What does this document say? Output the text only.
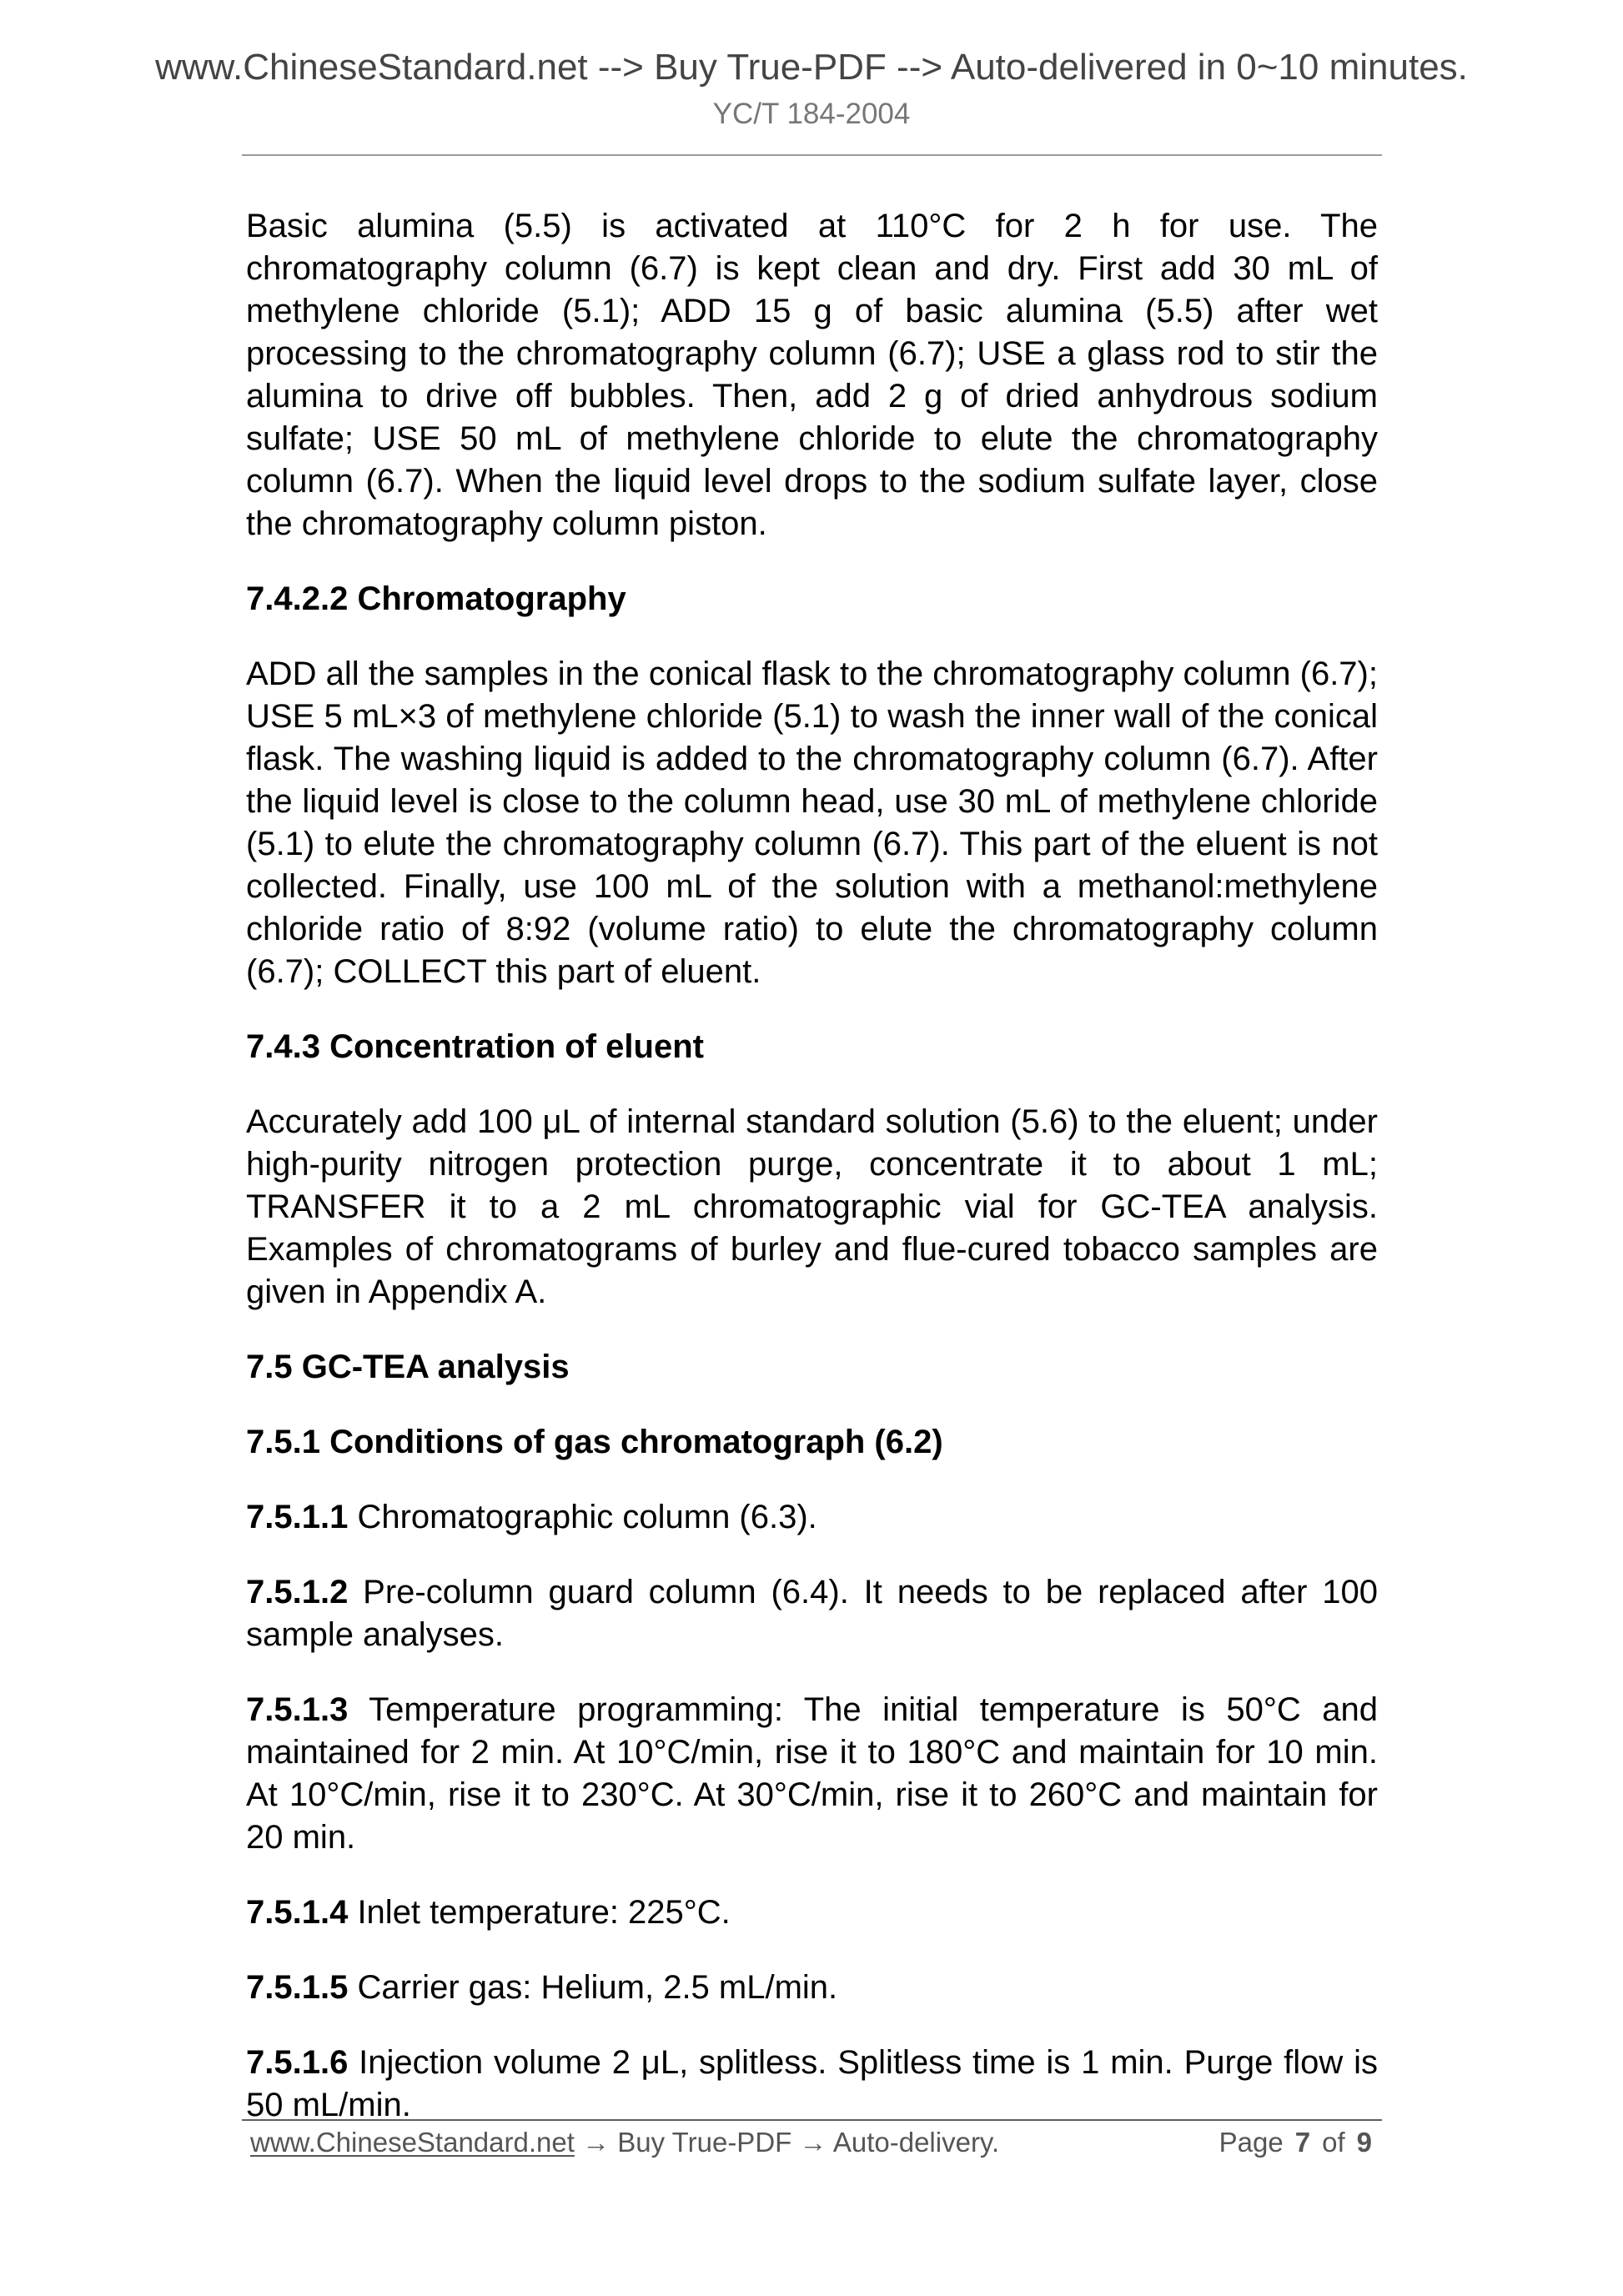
www.ChineseStandard.net --> Buy True-PDF --> Auto-delivered in 0~10 minutes.
YC/T 184-2004

Basic alumina (5.5) is activated at 110°C for 2 h for use. The chromatography column (6.7) is kept clean and dry. First add 30 mL of methylene chloride (5.1); ADD 15 g of basic alumina (5.5) after wet processing to the chromatography column (6.7); USE a glass rod to stir the alumina to drive off bubbles. Then, add 2 g of dried anhydrous sodium sulfate; USE 50 mL of methylene chloride to elute the chromatography column (6.7). When the liquid level drops to the sodium sulfate layer, close the chromatography column piston.

7.4.2.2 Chromatography

ADD all the samples in the conical flask to the chromatography column (6.7); USE 5 mL×3 of methylene chloride (5.1) to wash the inner wall of the conical flask. The washing liquid is added to the chromatography column (6.7). After the liquid level is close to the column head, use 30 mL of methylene chloride (5.1) to elute the chromatography column (6.7). This part of the eluent is not collected. Finally, use 100 mL of the solution with a methanol:methylene chloride ratio of 8:92 (volume ratio) to elute the chromatography column (6.7); COLLECT this part of eluent.

7.4.3 Concentration of eluent

Accurately add 100 μL of internal standard solution (5.6) to the eluent; under high-purity nitrogen protection purge, concentrate it to about 1 mL; TRANSFER it to a 2 mL chromatographic vial for GC-TEA analysis. Examples of chromatograms of burley and flue-cured tobacco samples are given in Appendix A.

7.5 GC-TEA analysis

7.5.1 Conditions of gas chromatograph (6.2)

7.5.1.1 Chromatographic column (6.3).

7.5.1.2 Pre-column guard column (6.4). It needs to be replaced after 100 sample analyses.

7.5.1.3 Temperature programming: The initial temperature is 50°C and maintained for 2 min. At 10°C/min, rise it to 180°C and maintain for 10 min. At 10°C/min, rise it to 230°C. At 30°C/min, rise it to 260°C and maintain for 20 min.

7.5.1.4 Inlet temperature: 225°C.

7.5.1.5 Carrier gas: Helium, 2.5 mL/min.

7.5.1.6 Injection volume 2 μL, splitless. Splitless time is 1 min. Purge flow is 50 mL/min.

www.ChineseStandard.net → Buy True-PDF → Auto-delivery.	Page 7 of 9
